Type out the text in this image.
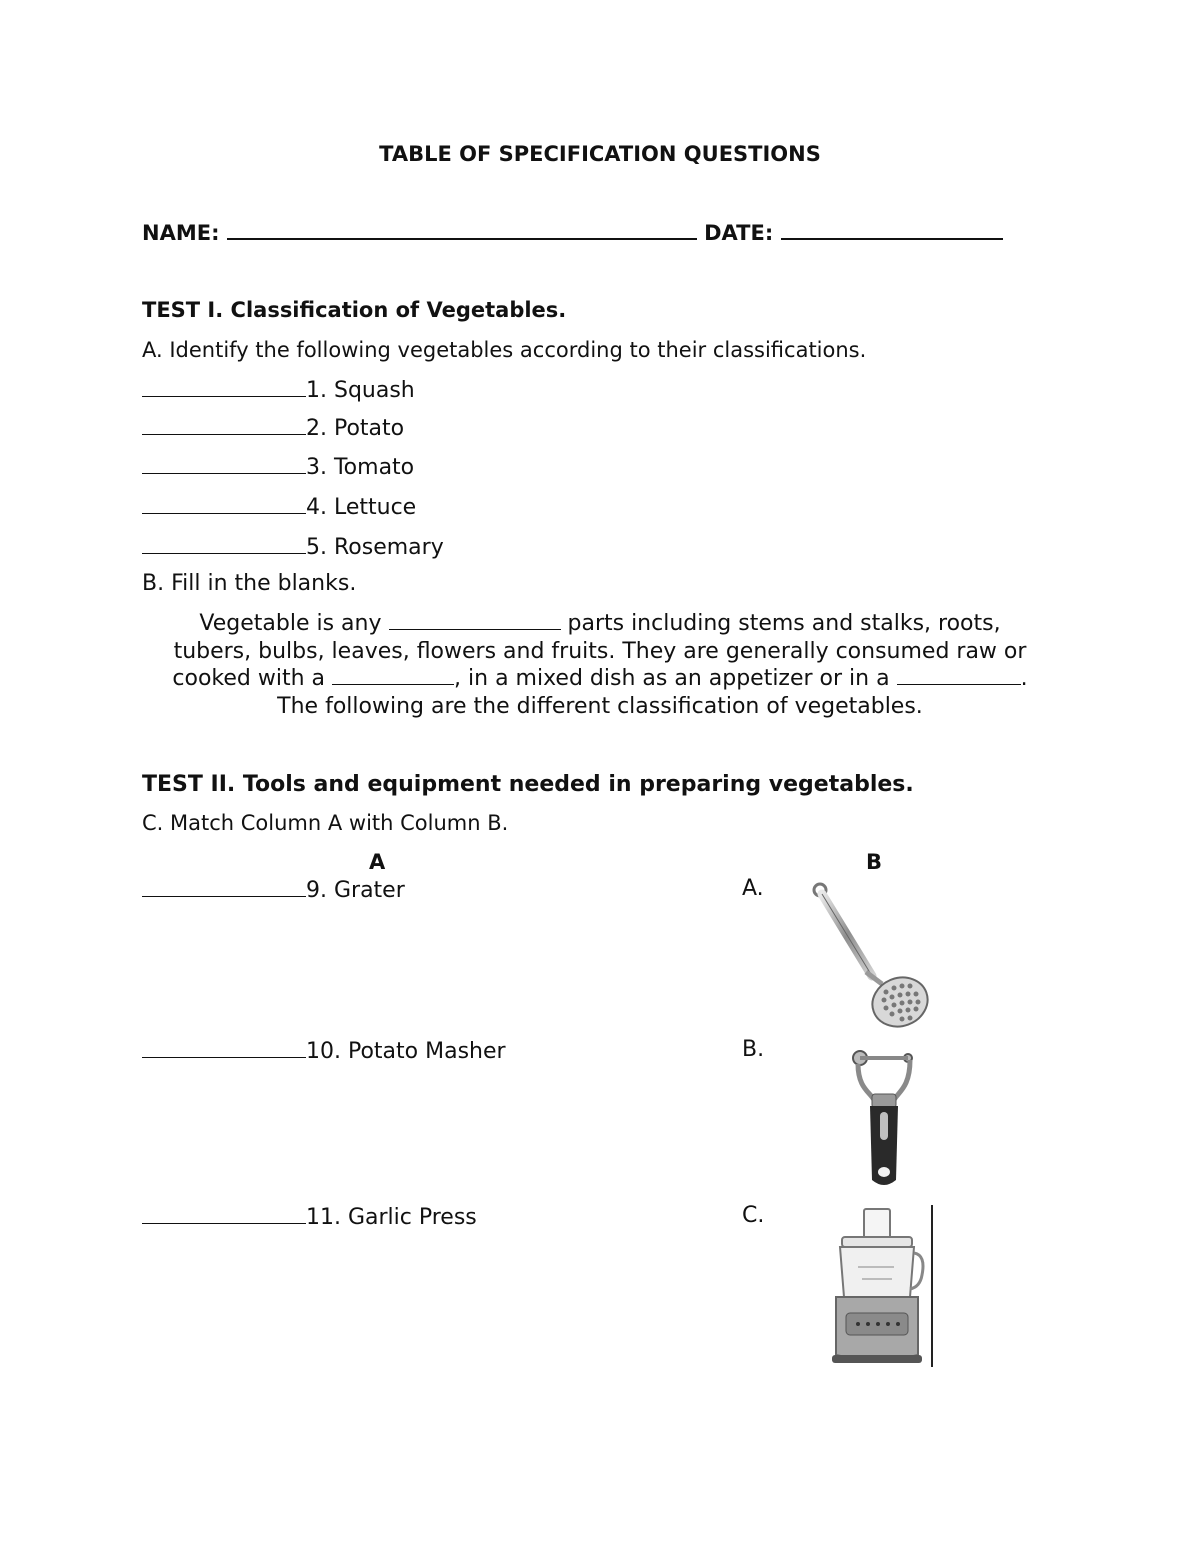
TABLE OF SPECIFICATION QUESTIONS
NAME:	DATE:
TEST I. Classification of Vegetables.
A. Identify the following vegetables according to their classifications.
1. Squash
2. Potato
3. Tomato
4. Lettuce
5. Rosemary
B. Fill in the blanks.
Vegetable is any	parts including stems and stalks, roots,
tubers, bulbs, leaves, flowers and fruits. They are generally consumed raw or
cooked with a	, in a mixed dish as an appetizer or in a	.
The following are the different classification of vegetables.
TEST II. Tools and equipment needed in preparing vegetables.
C. Match Column A with Column B.
A	B
9. Grater	A.
10. Potato Masher	B.
11. Garlic Press	C.
